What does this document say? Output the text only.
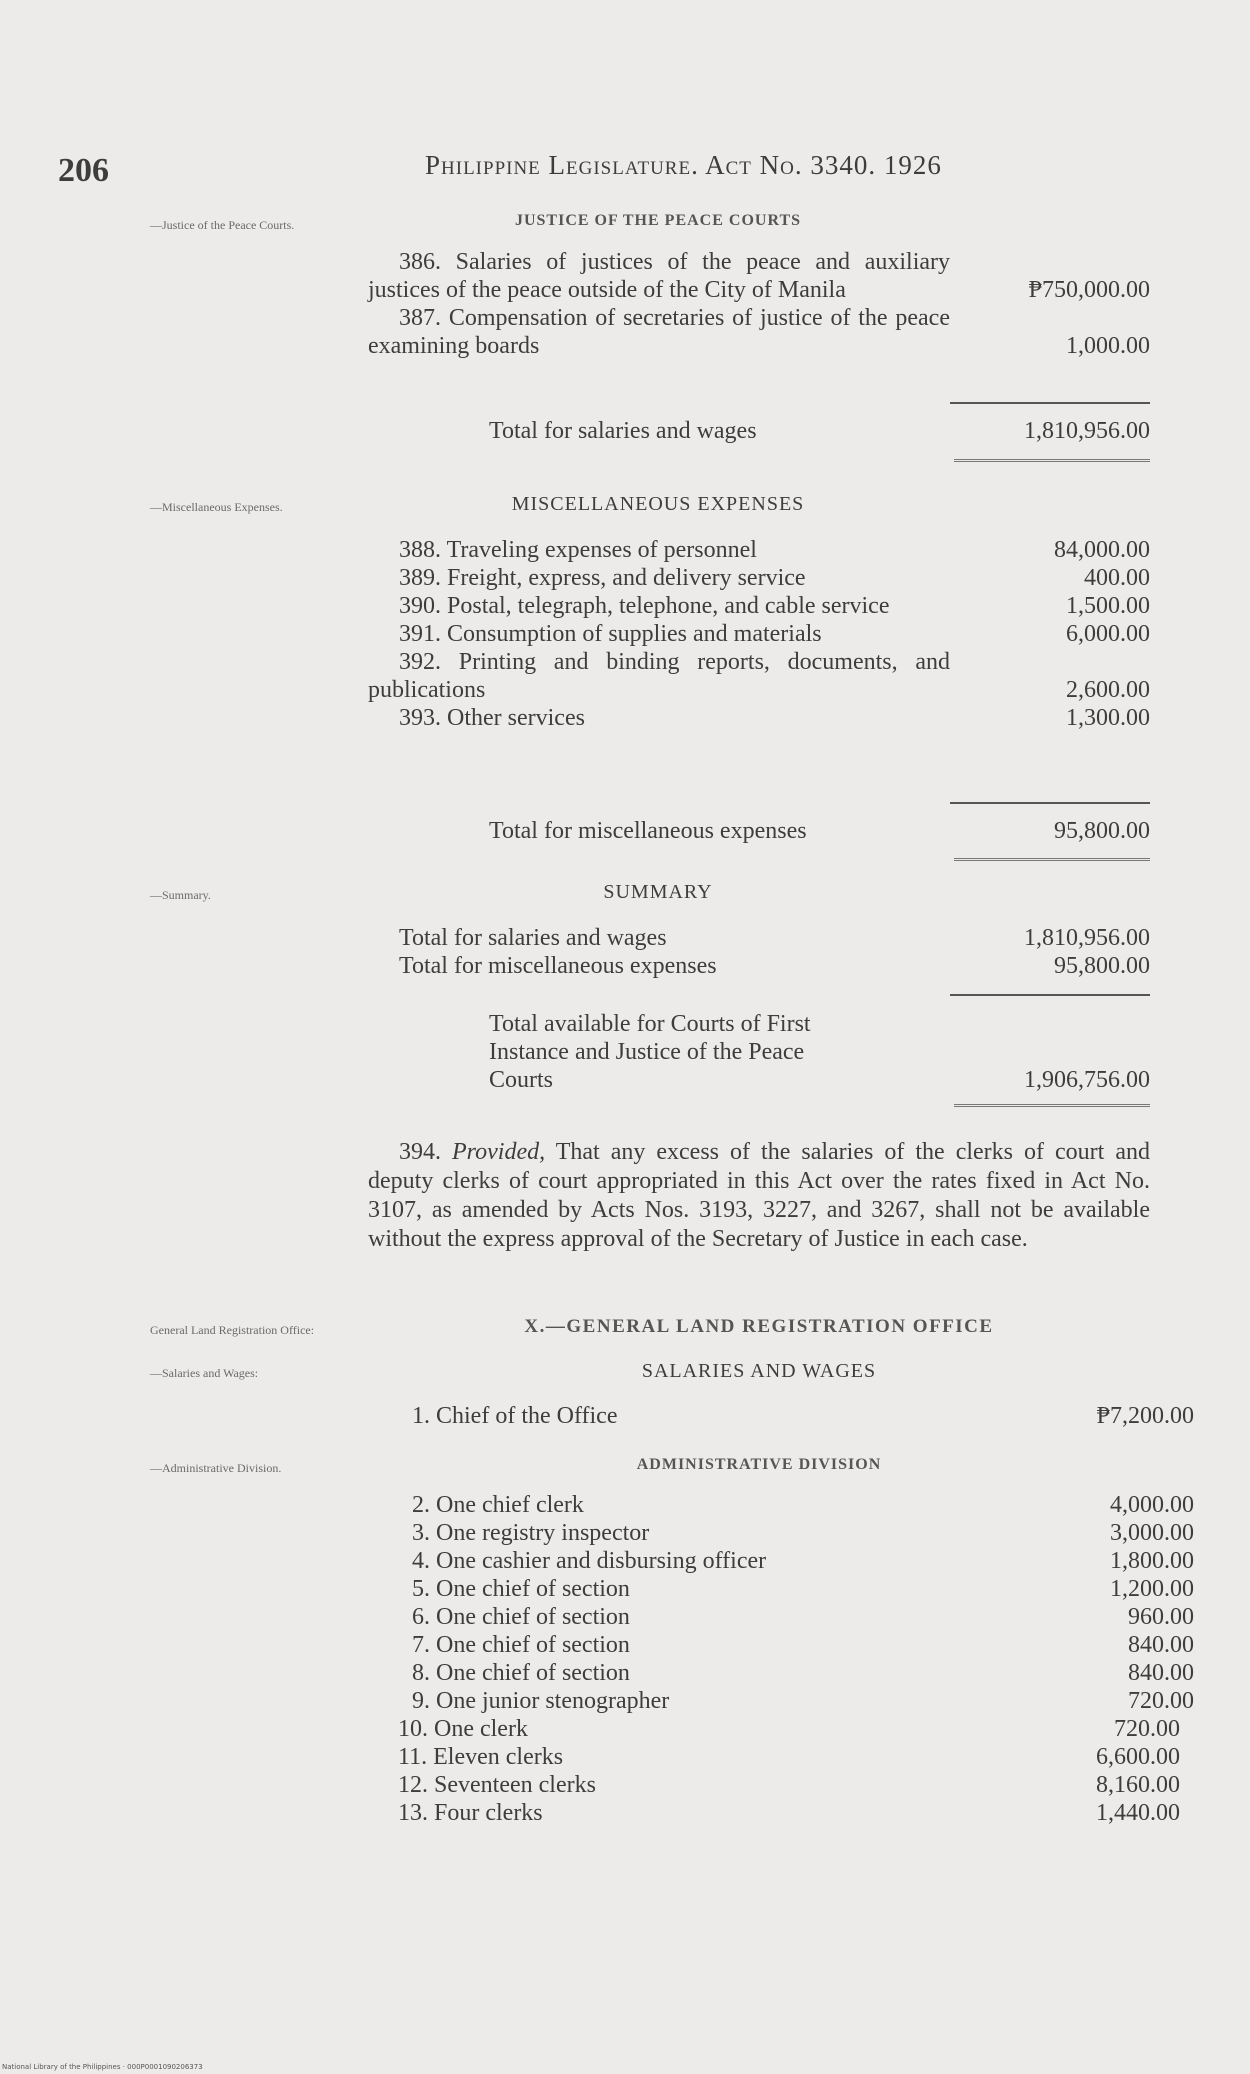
206	Philippine Legislature. Act No. 3340. 1926
—Justice of the Peace Courts.
—Miscellaneous Expenses.
—Summary.
General Land Registration Office:
—Salaries and Wages:
—Administrative Division.
JUSTICE OF THE PEACE COURTS
386. Salaries of justices of the peace and auxiliary justices of the peace outside of the City of Manila	₱750,000.00
387. Compensation of secretaries of justice of the peace examining boards	1,000.00
Total for salaries and wages	1,810,956.00
MISCELLANEOUS EXPENSES
388. Traveling expenses of personnel	84,000.00
389. Freight, express, and delivery service	400.00
390. Postal, telegraph, telephone, and cable service	1,500.00
391. Consumption of supplies and materials	6,000.00
392. Printing and binding reports, documents, and publications	2,600.00
393. Other services	1,300.00
Total for miscellaneous expenses	95,800.00
SUMMARY
Total for salaries and wages	1,810,956.00
Total for miscellaneous expenses	95,800.00
Total available for Courts of First Instance and Justice of the Peace Courts	1,906,756.00
394. Provided, That any excess of the salaries of the clerks of court and deputy clerks of court appropriated in this Act over the rates fixed in Act No. 3107, as amended by Acts Nos. 3193, 3227, and 3267, shall not be available without the express approval of the Secretary of Justice in each case.
X.—GENERAL LAND REGISTRATION OFFICE
SALARIES AND WAGES
1. Chief of the Office	₱7,200.00
ADMINISTRATIVE DIVISION
2. One chief clerk	4,000.00
3. One registry inspector	3,000.00
4. One cashier and disbursing officer	1,800.00
5. One chief of section	1,200.00
6. One chief of section	960.00
7. One chief of section	840.00
8. One chief of section	840.00
9. One junior stenographer	720.00
10. One clerk	720.00
11. Eleven clerks	6,600.00
12. Seventeen clerks	8,160.00
13. Four clerks	1,440.00
National Library of the Philippines · 000P0001090206373
